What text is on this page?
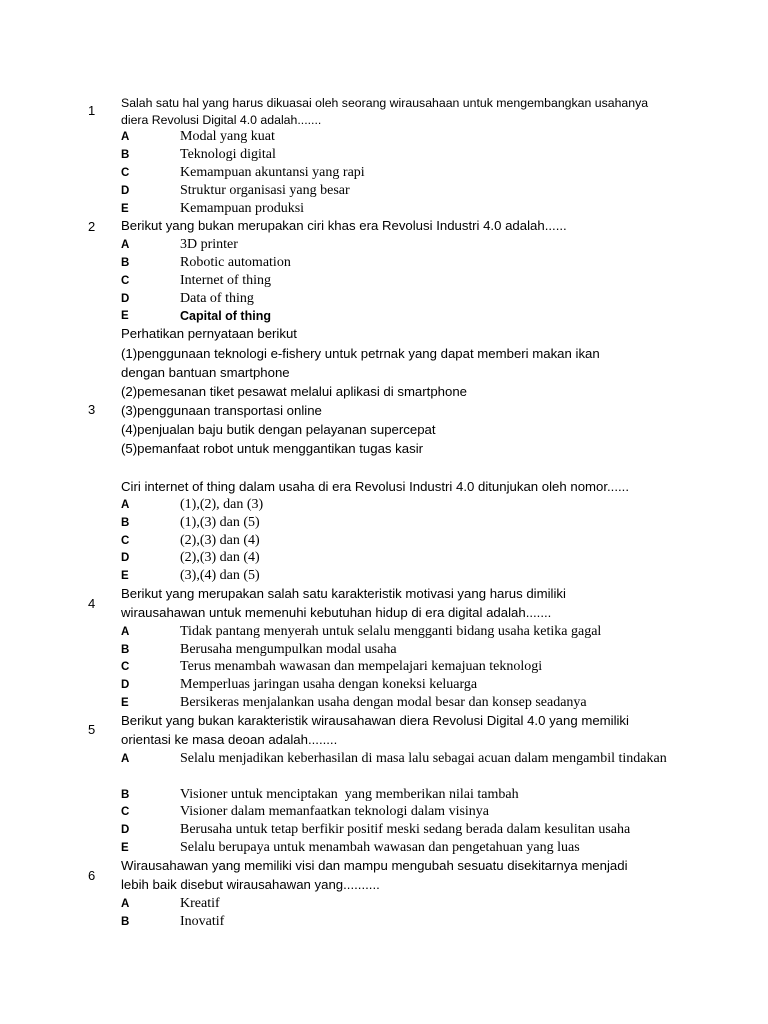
1	Salah satu hal yang harus dikuasai oleh seorang wirausahaan untuk mengembangkan usahanya
diera Revolusi Digital 4.0 adalah.......
A	Modal yang kuat
B	Teknologi digital
C	Kemampuan akuntansi yang rapi
D	Struktur organisasi yang besar
E	Kemampuan produksi
2	Berikut yang bukan merupakan ciri khas era Revolusi Industri 4.0 adalah......
A	3D printer
B	Robotic automation
C	Internet of thing
D	Data of thing
E	Capital of thing
3
Perhatikan pernyataan berikut
(1)penggunaan teknologi e-fishery untuk petrnak yang dapat memberi makan ikan
dengan bantuan smartphone
(2)pemesanan tiket pesawat melalui aplikasi di smartphone
(3)penggunaan transportasi online
(4)penjualan baju butik dengan pelayanan supercepat
(5)pemanfaat robot untuk menggantikan tugas kasir
Ciri internet of thing dalam usaha di era Revolusi Industri 4.0 ditunjukan oleh nomor......
A	(1),(2), dan (3)
B	(1),(3) dan (5)
C	(2),(3) dan (4)
D	(2),(3) dan (4)
E	(3),(4) dan (5)
4
Berikut yang merupakan salah satu karakteristik motivasi yang harus dimiliki
wirausahawan untuk memenuhi kebutuhan hidup di era digital adalah.......
A	Tidak pantang menyerah untuk selalu mengganti bidang usaha ketika gagal
B	Berusaha mengumpulkan modal usaha
C	Terus menambah wawasan dan mempelajari kemajuan teknologi
D	Memperluas jaringan usaha dengan koneksi keluarga
E	Bersikeras menjalankan usaha dengan modal besar dan konsep seadanya
5
Berikut yang bukan karakteristik wirausahawan diera Revolusi Digital 4.0 yang memiliki
orientasi ke masa deoan adalah........
A	Selalu menjadikan keberhasilan di masa lalu sebagai acuan dalam mengambil tindakan
B	Visioner untuk menciptakan  yang memberikan nilai tambah
C	Visioner dalam memanfaatkan teknologi dalam visinya
D	Berusaha untuk tetap berfikir positif meski sedang berada dalam kesulitan usaha
E	Selalu berupaya untuk menambah wawasan dan pengetahuan yang luas
6
Wirausahawan yang memiliki visi dan mampu mengubah sesuatu disekitarnya menjadi
lebih baik disebut wirausahawan yang..........
A	Kreatif
B	Inovatif
